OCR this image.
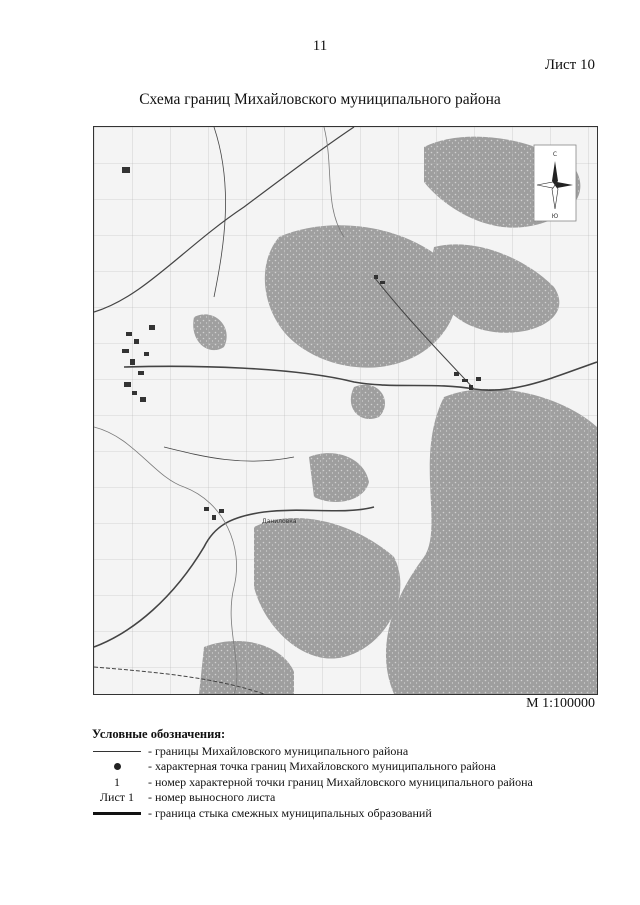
11
Лист 10
Схема границ Михайловского муниципального района
Даниловка
С
Ю
М 1:100000
Условные обозначения:
- границы Михайловского муниципального района
- характерная точка границ Михайловского муниципального района
1	- номер характерной точки границ Михайловского муниципального района
Лист 1	- номер выносного листа
- граница стыка смежных муниципальных образований
